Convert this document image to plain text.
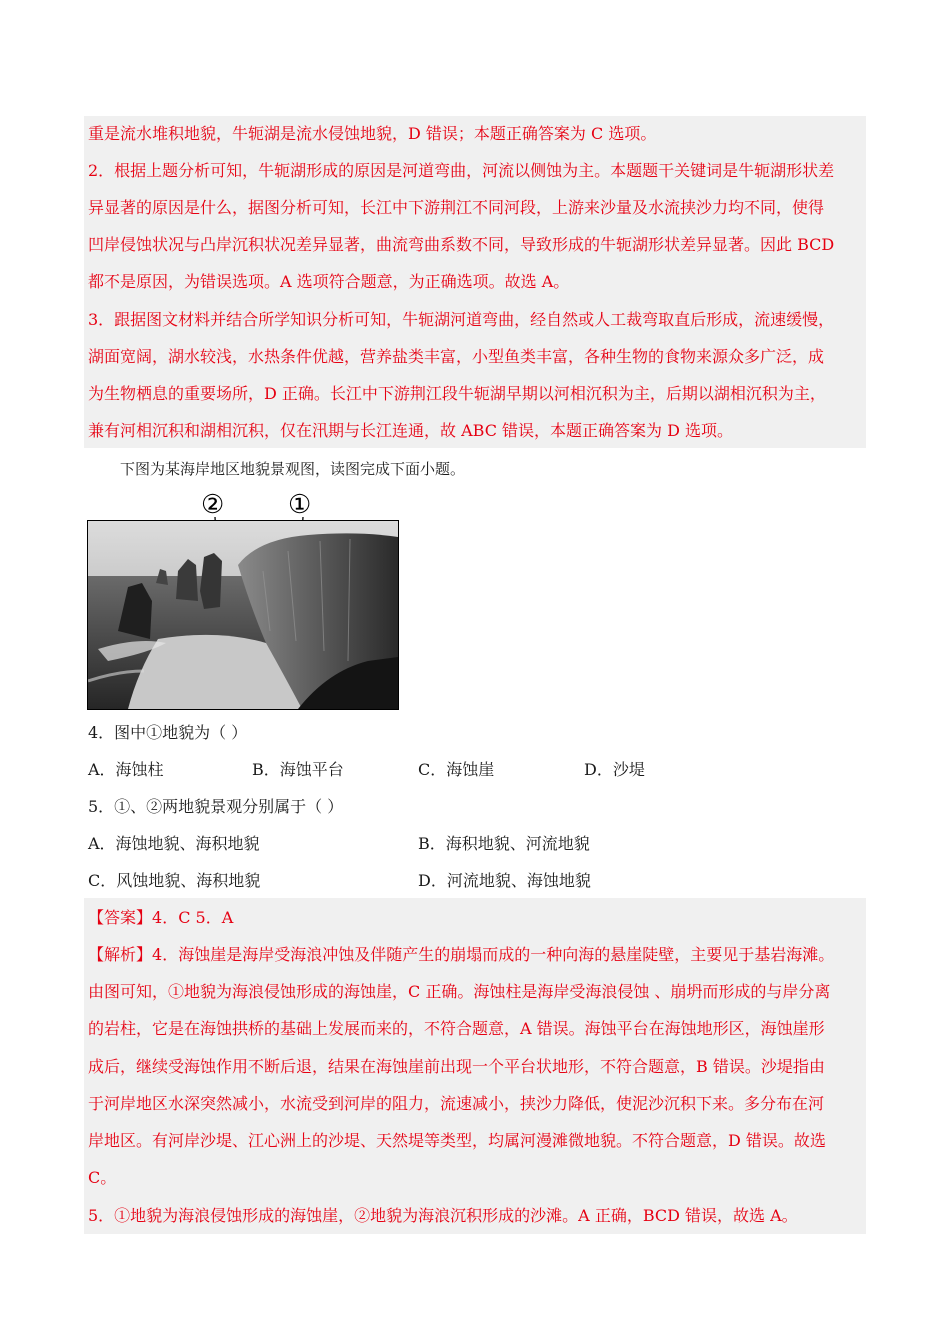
重是流水堆积地貌，牛轭湖是流水侵蚀地貌，D 错误；本题正确答案为 C 选项。
2．根据上题分析可知，牛轭湖形成的原因是河道弯曲，河流以侧蚀为主。本题题干关键词是牛轭湖形状差
异显著的原因是什么，据图分析可知，长江中下游荆江不同河段，上游来沙量及水流挟沙力均不同，使得
凹岸侵蚀状况与凸岸沉积状况差异显著，曲流弯曲系数不同，导致形成的牛轭湖形状差异显著。因此 BCD
都不是原因，为错误选项。A 选项符合题意，为正确选项。故选 A。
3．跟据图文材料并结合所学知识分析可知，牛轭湖河道弯曲，经自然或人工裁弯取直后形成，流速缓慢，
湖面宽阔，湖水较浅，水热条件优越，营养盐类丰富，小型鱼类丰富，各种生物的食物来源众多广泛，成
为生物栖息的重要场所，D 正确。长江中下游荆江段牛轭湖早期以河相沉积为主，后期以湖相沉积为主，
兼有河相沉积和湖相沉积，仅在汛期与长江连通，故 ABC 错误，本题正确答案为 D 选项。
下图为某海岸地区地貌景观图，读图完成下面小题。
② ①
4．图中①地貌为（ ）
A．海蚀柱	B．海蚀平台	C．海蚀崖	D．沙堤
5．①、②两地貌景观分别属于（ ）
A．海蚀地貌、海积地貌	B．海积地貌、河流地貌
C．风蚀地貌、海积地貌	D．河流地貌、海蚀地貌
【答案】4．C 5．A
【解析】4．海蚀崖是海岸受海浪冲蚀及伴随产生的崩塌而成的一种向海的悬崖陡壁，主要见于基岩海滩。
由图可知，①地貌为海浪侵蚀形成的海蚀崖，C 正确。海蚀柱是海岸受海浪侵蚀 、崩坍而形成的与岸分离
的岩柱，它是在海蚀拱桥的基础上发展而来的，不符合题意，A 错误。海蚀平台在海蚀地形区，海蚀崖形
成后，继续受海蚀作用不断后退，结果在海蚀崖前出现一个平台状地形，不符合题意，B 错误。沙堤指由
于河岸地区水深突然减小，水流受到河岸的阻力，流速减小，挟沙力降低，使泥沙沉积下来。多分布在河
岸地区。有河岸沙堤、江心洲上的沙堤、天然堤等类型，均属河漫滩微地貌。不符合题意，D 错误。故选
C。
5．①地貌为海浪侵蚀形成的海蚀崖，②地貌为海浪沉积形成的沙滩。A 正确，BCD 错误，故选 A。
